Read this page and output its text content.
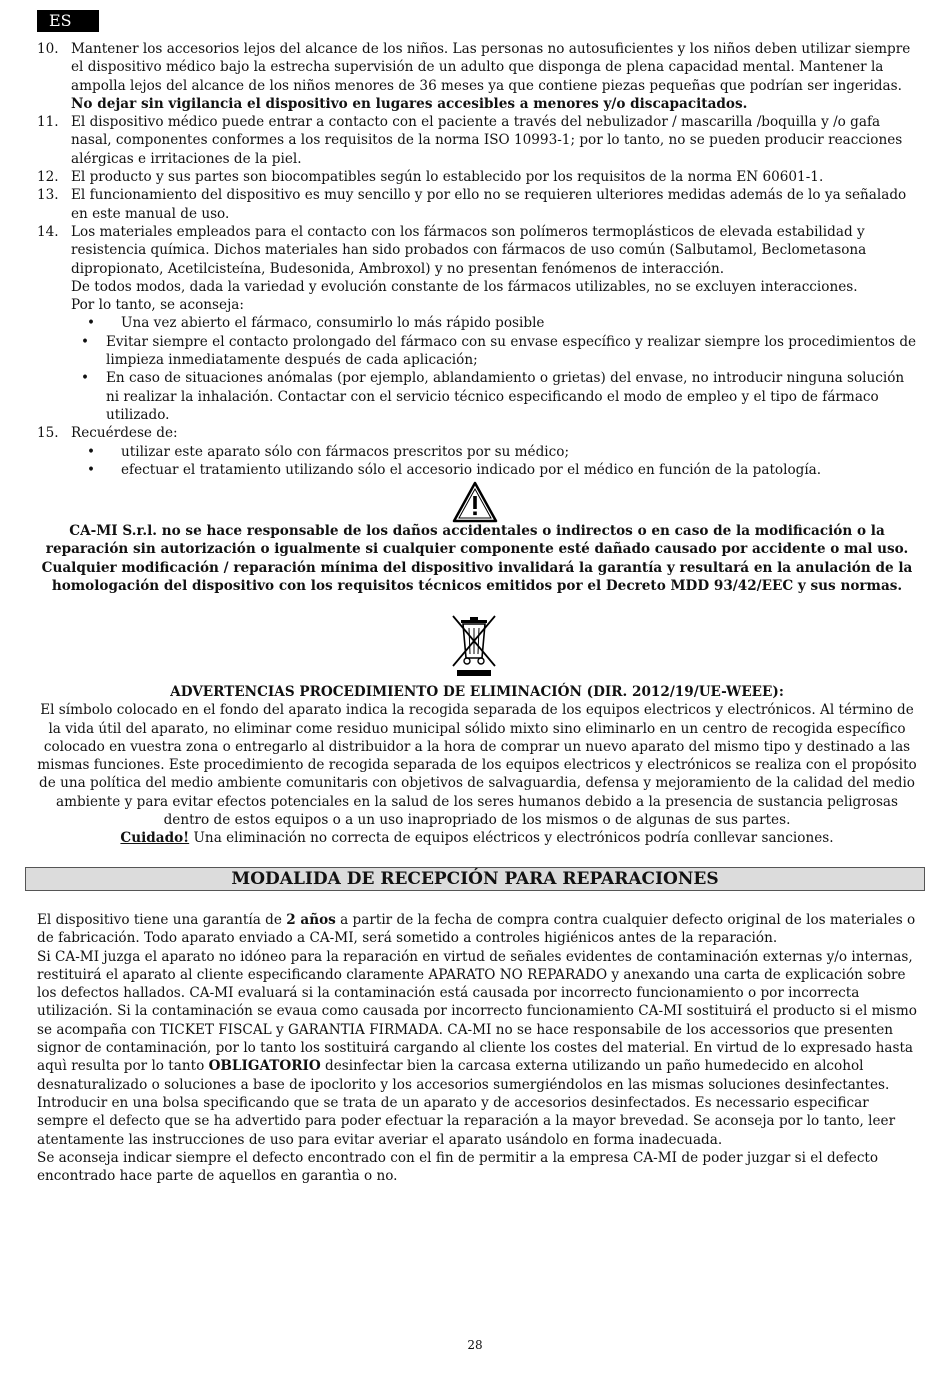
ES
10. Mantener los accesorios lejos del alcance de los niños. Las personas no autosuficientes y los niños deben utilizar siempre el dispositivo médico bajo la estrecha supervisión de un adulto que disponga de plena capacidad mental. Mantener la ampolla lejos del alcance de los niños menores de 36 meses ya que contiene piezas pequeñas que podrían ser ingeridas. No dejar sin vigilancia el dispositivo en lugares accesibles a menores y/o discapacitados.
11. El dispositivo médico puede entrar a contacto con el paciente a través del nebulizador / mascarilla /boquilla y /o gafa nasal, componentes conformes a los requisitos de la norma ISO 10993-1; por lo tanto, no se pueden producir reacciones alérgicas e irritaciones de la piel.
12. El producto y sus partes son biocompatibles según lo establecido por los requisitos de la norma EN 60601-1.
13. El funcionamiento del dispositivo es muy sencillo y por ello no se requieren ulteriores medidas además de lo ya señalado en este manual de uso.
14. Los materiales empleados para el contacto con los fármacos son polímeros termoplásticos de elevada estabilidad y resistencia química. Dichos materiales han sido probados con fármacos de uso común (Salbutamol, Beclometasona dipropionato, Acetilcisteína, Budesonida, Ambroxol) y no presentan fenómenos de interacción.
De todos modos, dada la variedad y evolución constante de los fármacos utilizables, no se excluyen interacciones.
Por lo tanto, se aconseja:
• Una vez abierto el fármaco, consumirlo lo más rápido posible
• Evitar siempre el contacto prolongado del fármaco con su envase específico y realizar siempre los procedimientos de limpieza inmediatamente después de cada aplicación;
• En caso de situaciones anómalas (por ejemplo, ablandamiento o grietas) del envase, no introducir ninguna solución ni realizar la inhalación. Contactar con el servicio técnico especificando el modo de empleo y el tipo de fármaco utilizado.
15. Recuérdese de:
• utilizar este aparato sólo con fármacos prescritos por su médico;
• efectuar el tratamiento utilizando sólo el accesorio indicado por el médico en función de la patología.
CA-MI S.r.l. no se hace responsable de los daños accidentales o indirectos o en caso de la modificación o la reparación sin autorización o igualmente si cualquier componente esté dañado causado por accidente o mal uso.
Cualquier modificación / reparación mínima del dispositivo invalidará la garantía y resultará en la anulación de la homologación del dispositivo con los requisitos técnicos emitidos por el Decreto MDD 93/42/EEC y sus normas.
ADVERTENCIAS PROCEDIMIENTO DE ELIMINACIÓN (DIR. 2012/19/UE-WEEE):
El símbolo colocado en el fondo del aparato indica la recogida separada de los equipos electricos y electrónicos. Al término de la vida útil del aparato, no eliminar come residuo municipal sólido mixto sino eliminarlo en un centro de recogida específico colocado en vuestra zona o entregarlo al distribuidor a la hora de comprar un nuevo aparato del mismo tipo y destinado a las mismas funciones. Este procedimiento de recogida separada de los equipos electricos y electrónicos se realiza con el propósito de una política del medio ambiente comunitaris con objetivos de salvaguardia, defensa y mejoramiento de la calidad del medio ambiente y para evitar efectos potenciales en la salud de los seres humanos debido a la presencia de sustancia peligrosas dentro de estos equipos o a un uso inapropriado de los mismos o de algunas de sus partes.
Cuidado! Una eliminación no correcta de equipos eléctricos y electrónicos podría conllevar sanciones.
MODALIDA DE RECEPCIÓN PARA REPARACIONES
El dispositivo tiene una garantía de 2 años a partir de la fecha de compra contra cualquier defecto original de los materiales o de fabricación. Todo aparato enviado a CA-MI, será sometido a controles higiénicos antes de la reparación.
Si CA-MI juzga el aparato no idóneo para la reparación en virtud de señales evidentes de contaminación externas y/o internas, restituirá el aparato al cliente especificando claramente APARATO NO REPARADO y anexando una carta de explicación sobre los defectos hallados. CA-MI evaluará si la contaminación está causada por incorrecto funcionamiento o por incorrecta utilización. Si la contaminación se evaua como causada por incorrecto funcionamiento CA-MI sostituirá el producto si el mismo se acompaña con TICKET FISCAL y GARANTIA FIRMADA. CA-MI no se hace responsabile de los accessorios que presenten signor de contaminación, por lo tanto los sostituirá cargando al cliente los costes del material. En virtud de lo expresado hasta aquì resulta por lo tanto OBLIGATORIO desinfectar bien la carcasa externa utilizando un paño humedecido en alcohol desnaturalizado o soluciones a base de ipoclorito y los accesorios sumergiéndolos en las mismas soluciones desinfectantes. Introducir en una bolsa specificando que se trata de un aparato y de accesorios desinfectados. Es necessario especificar sempre el defecto que se ha advertido para poder efectuar la reparación a la mayor brevedad. Se aconseja por lo tanto, leer atentamente las instrucciones de uso para evitar averiar el aparato usándolo en forma inadecuada.
Se aconseja indicar siempre el defecto encontrado con el fin de permitir a la empresa CA-MI de poder juzgar si el defecto encontrado hace parte de aquellos en garantìa o no.
28
